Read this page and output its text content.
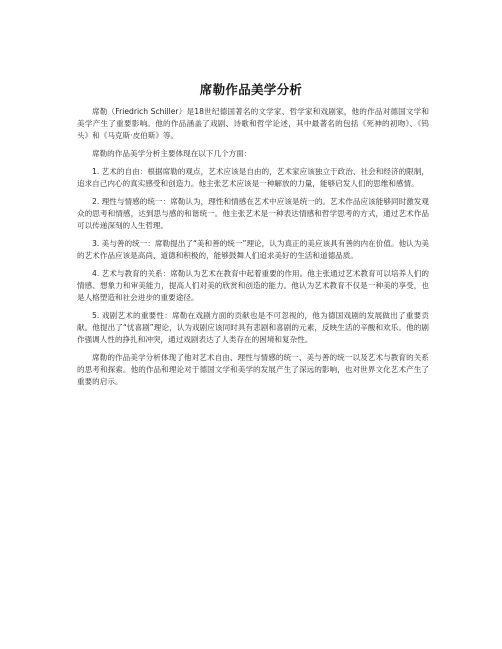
席勒作品美学分析

席勒（Friedrich Schiller）是18世纪德国著名的文学家、哲学家和戏剧家，他的作品对德国文学和美学产生了重要影响。他的作品涵盖了戏剧、诗歌和哲学论述，其中最著名的包括《死神的初吻》、《钨头》和《马克斯·皮伯斯》等。

席勒的作品美学分析主要体现在以下几个方面：

1. 艺术的自由：根据席勒的观点，艺术应该是自由的，艺术家应该独立于政治、社会和经济的限制，追求自己内心的真实感受和创造力。他主张艺术应该是一种解放的力量，能够启发人们的思维和感情。

2. 理性与情感的统一：席勒认为，理性和情感在艺术中应该是统一的。艺术作品应该能够同时激发观众的思考和情感，达到思与感的和谐统一。他主张艺术是一种表达情感和哲学思考的方式，通过艺术作品可以传递深刻的人生哲理。

3. 美与善的统一：席勒提出了“美和善的统一”理论，认为真正的美应该具有善的内在价值。他认为美的艺术作品应该是高尚、道德和积极的，能够鼓舞人们追求美好的生活和道德品质。

4. 艺术与教育的关系：席勒认为艺术在教育中起着重要的作用。他主张通过艺术教育可以培养人们的情感、想象力和审美能力，提高人们对美的欣赏和创造的能力。他认为艺术教育不仅是一种美的享受，也是人格塑造和社会进步的重要途径。

5. 戏剧艺术的重要性：席勒在戏剧方面的贡献也是不可忽视的，他为德国戏剧的发展做出了重要贡献。他提出了“忧喜剧”理论，认为戏剧应该同时具有悲剧和喜剧的元素，反映生活的辛酸和欢乐。他的剧作强调人性的挣扎和冲突，通过戏剧表达了人类存在的困境和复杂性。

席勒的作品美学分析体现了他对艺术自由、理性与情感的统一、美与善的统一以及艺术与教育的关系的思考和探索。他的作品和理论对于德国文学和美学的发展产生了深远的影响，也对世界文化艺术产生了重要的启示。
